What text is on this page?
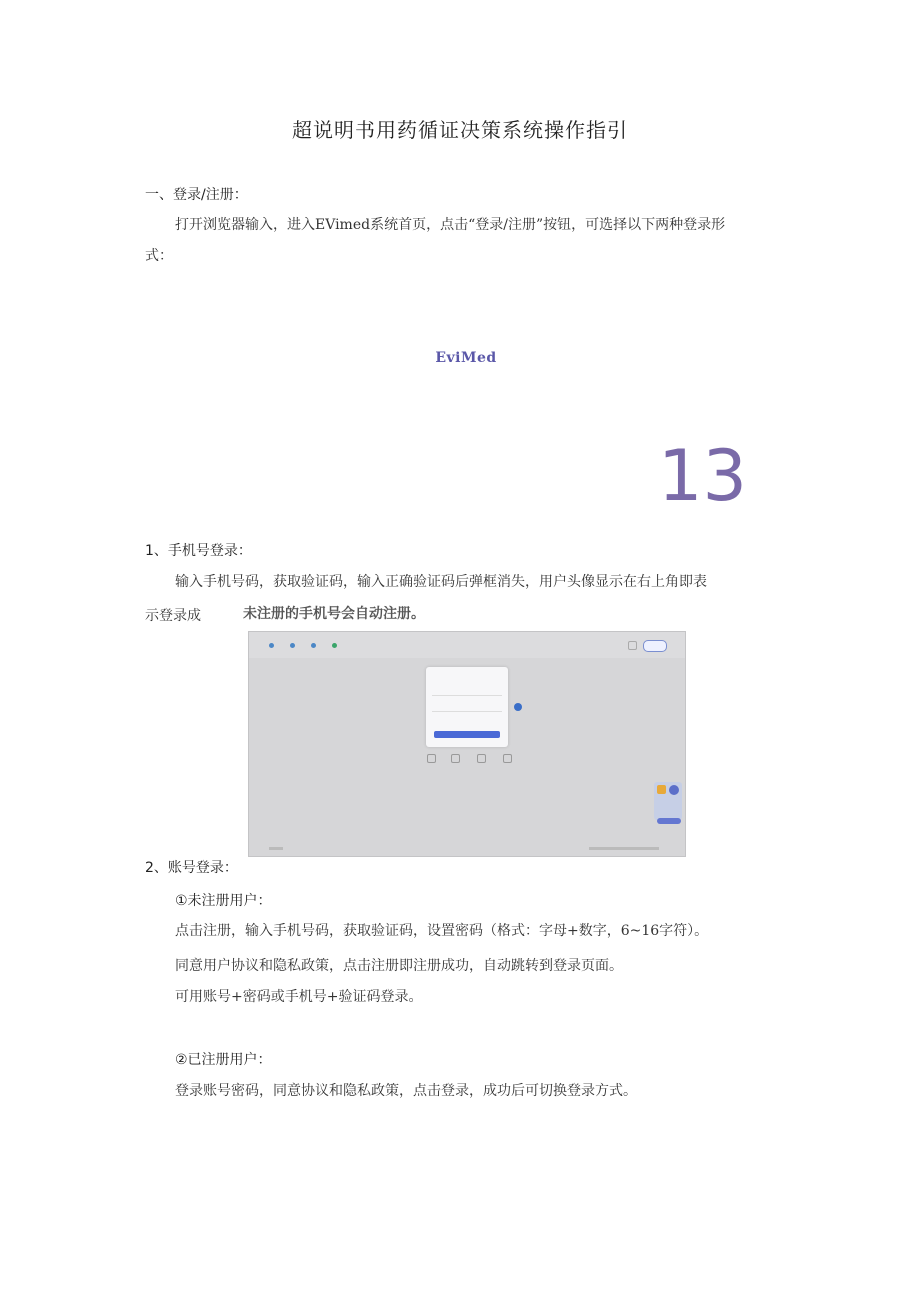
超说明书用药循证决策系统操作指引
一、登录/注册：
打开浏览器输入，进入EVimed系统首页，点击“登录/注册”按钮，可选择以下两种登录形
式：
EviMed
13
1、手机号登录：
输入手机号码，获取验证码，输入正确验证码后弹框消失，用户头像显示在右上角即表
示登录成	未注册的手机号会自动注册。
2、账号登录：
①未注册用户：
点击注册，输入手机号码，获取验证码，设置密码（格式：字母+数字，6~16字符）。
同意用户协议和隐私政策，点击注册即注册成功，自动跳转到登录页面。
可用账号+密码或手机号+验证码登录。
②已注册用户：
登录账号密码，同意协议和隐私政策，点击登录，成功后可切换登录方式。
